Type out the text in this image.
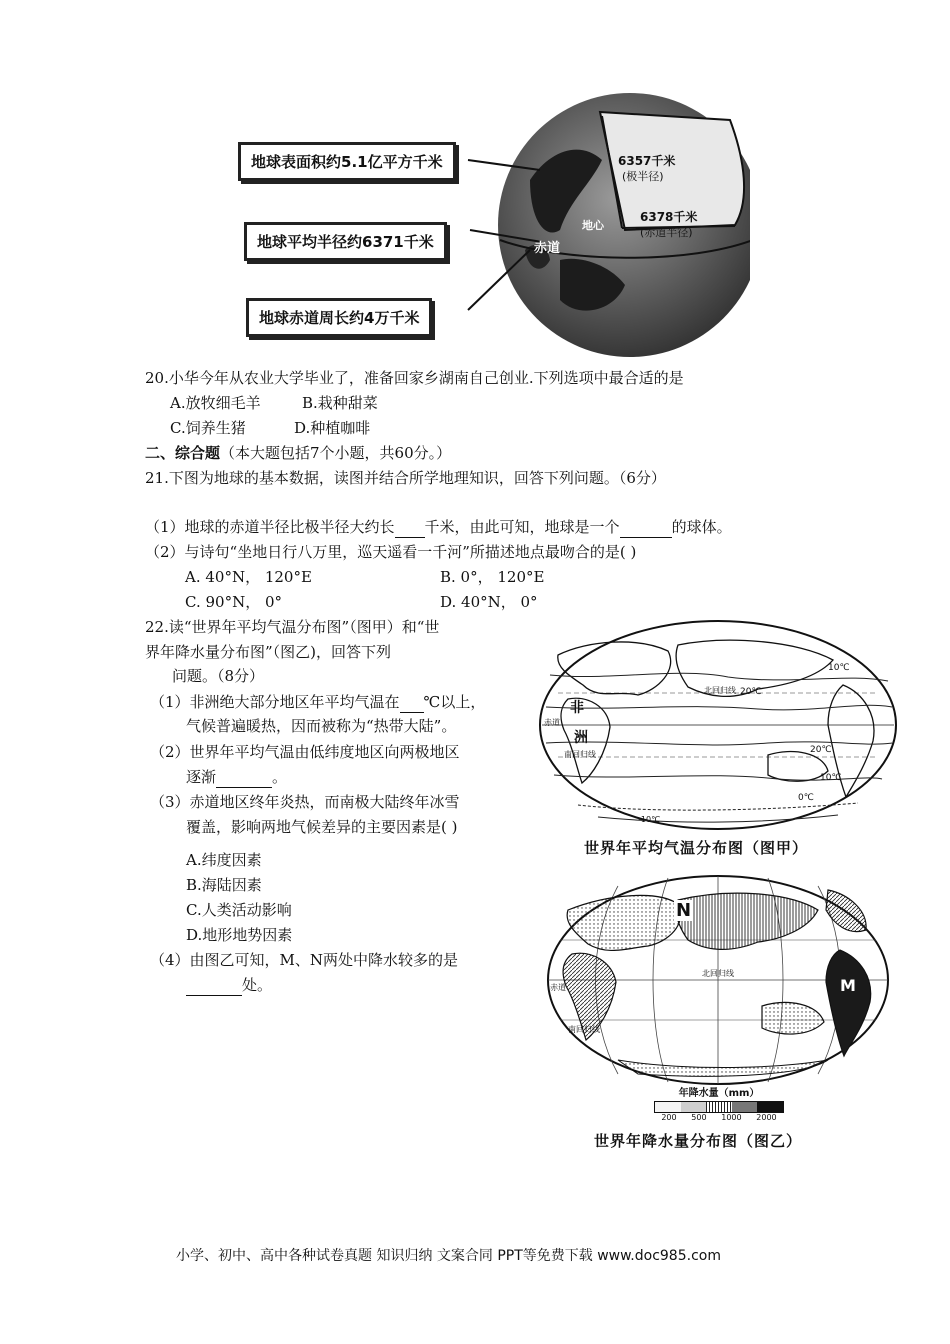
地球表面积约5.1亿平方千米
地球平均半径约6371千米
地球赤道周长约4万千米
6357千米
(极半径)
6378千米
(赤道半径)
地心
赤道
20.小华今年从农业大学毕业了，准备回家乡湖南自己创业.下列选项中最合适的是
A.放牧细毛羊	B.栽种甜菜
C.饲养生猪	D.种植咖啡
二、综合题（本大题包括7个小题，共60分。）
21.下图为地球的基本数据，读图并结合所学地理知识，回答下列问题。（6分）
（1）地球的赤道半径比极半径大约长 千米，由此可知，地球是一个	的球体。
（2）与诗句“坐地日行八万里，巡天遥看一千河”所描述地点最吻合的是( )
A. 40°N， 120°E	B. 0°， 120°E
C. 90°N， 0°	D. 40°N， 0°
22.读“世界年平均气温分布图”（图甲）和“世
界年降水量分布图”（图乙)，回答下列
问题。（8分）
（1）非洲绝大部分地区年平均气温在 ℃以上，
气候普遍暖热，因而被称为“热带大陆”。
（2）世界年平均气温由低纬度地区向两极地区
逐渐	。
（3）赤道地区终年炎热，而南极大陆终年冰雪
覆盖，影响两地气候差异的主要因素是( )
A.纬度因素
B.海陆因素
C.人类活动影响
D.地形地势因素
（4）由图乙可知，M、N两处中降水较多的是
处。
非
洲
20℃
10℃
20℃
10℃
0℃
赤道
北回归线
南回归线
-10℃
世界年平均气温分布图（图甲）
N
M
北回归线
南回归线
赤道
年降水量（mm）
200 500 1000 2000
世界年降水量分布图（图乙）
小学、初中、高中各种试卷真题 知识归纳 文案合同 PPT等免费下载 www.doc985.com
